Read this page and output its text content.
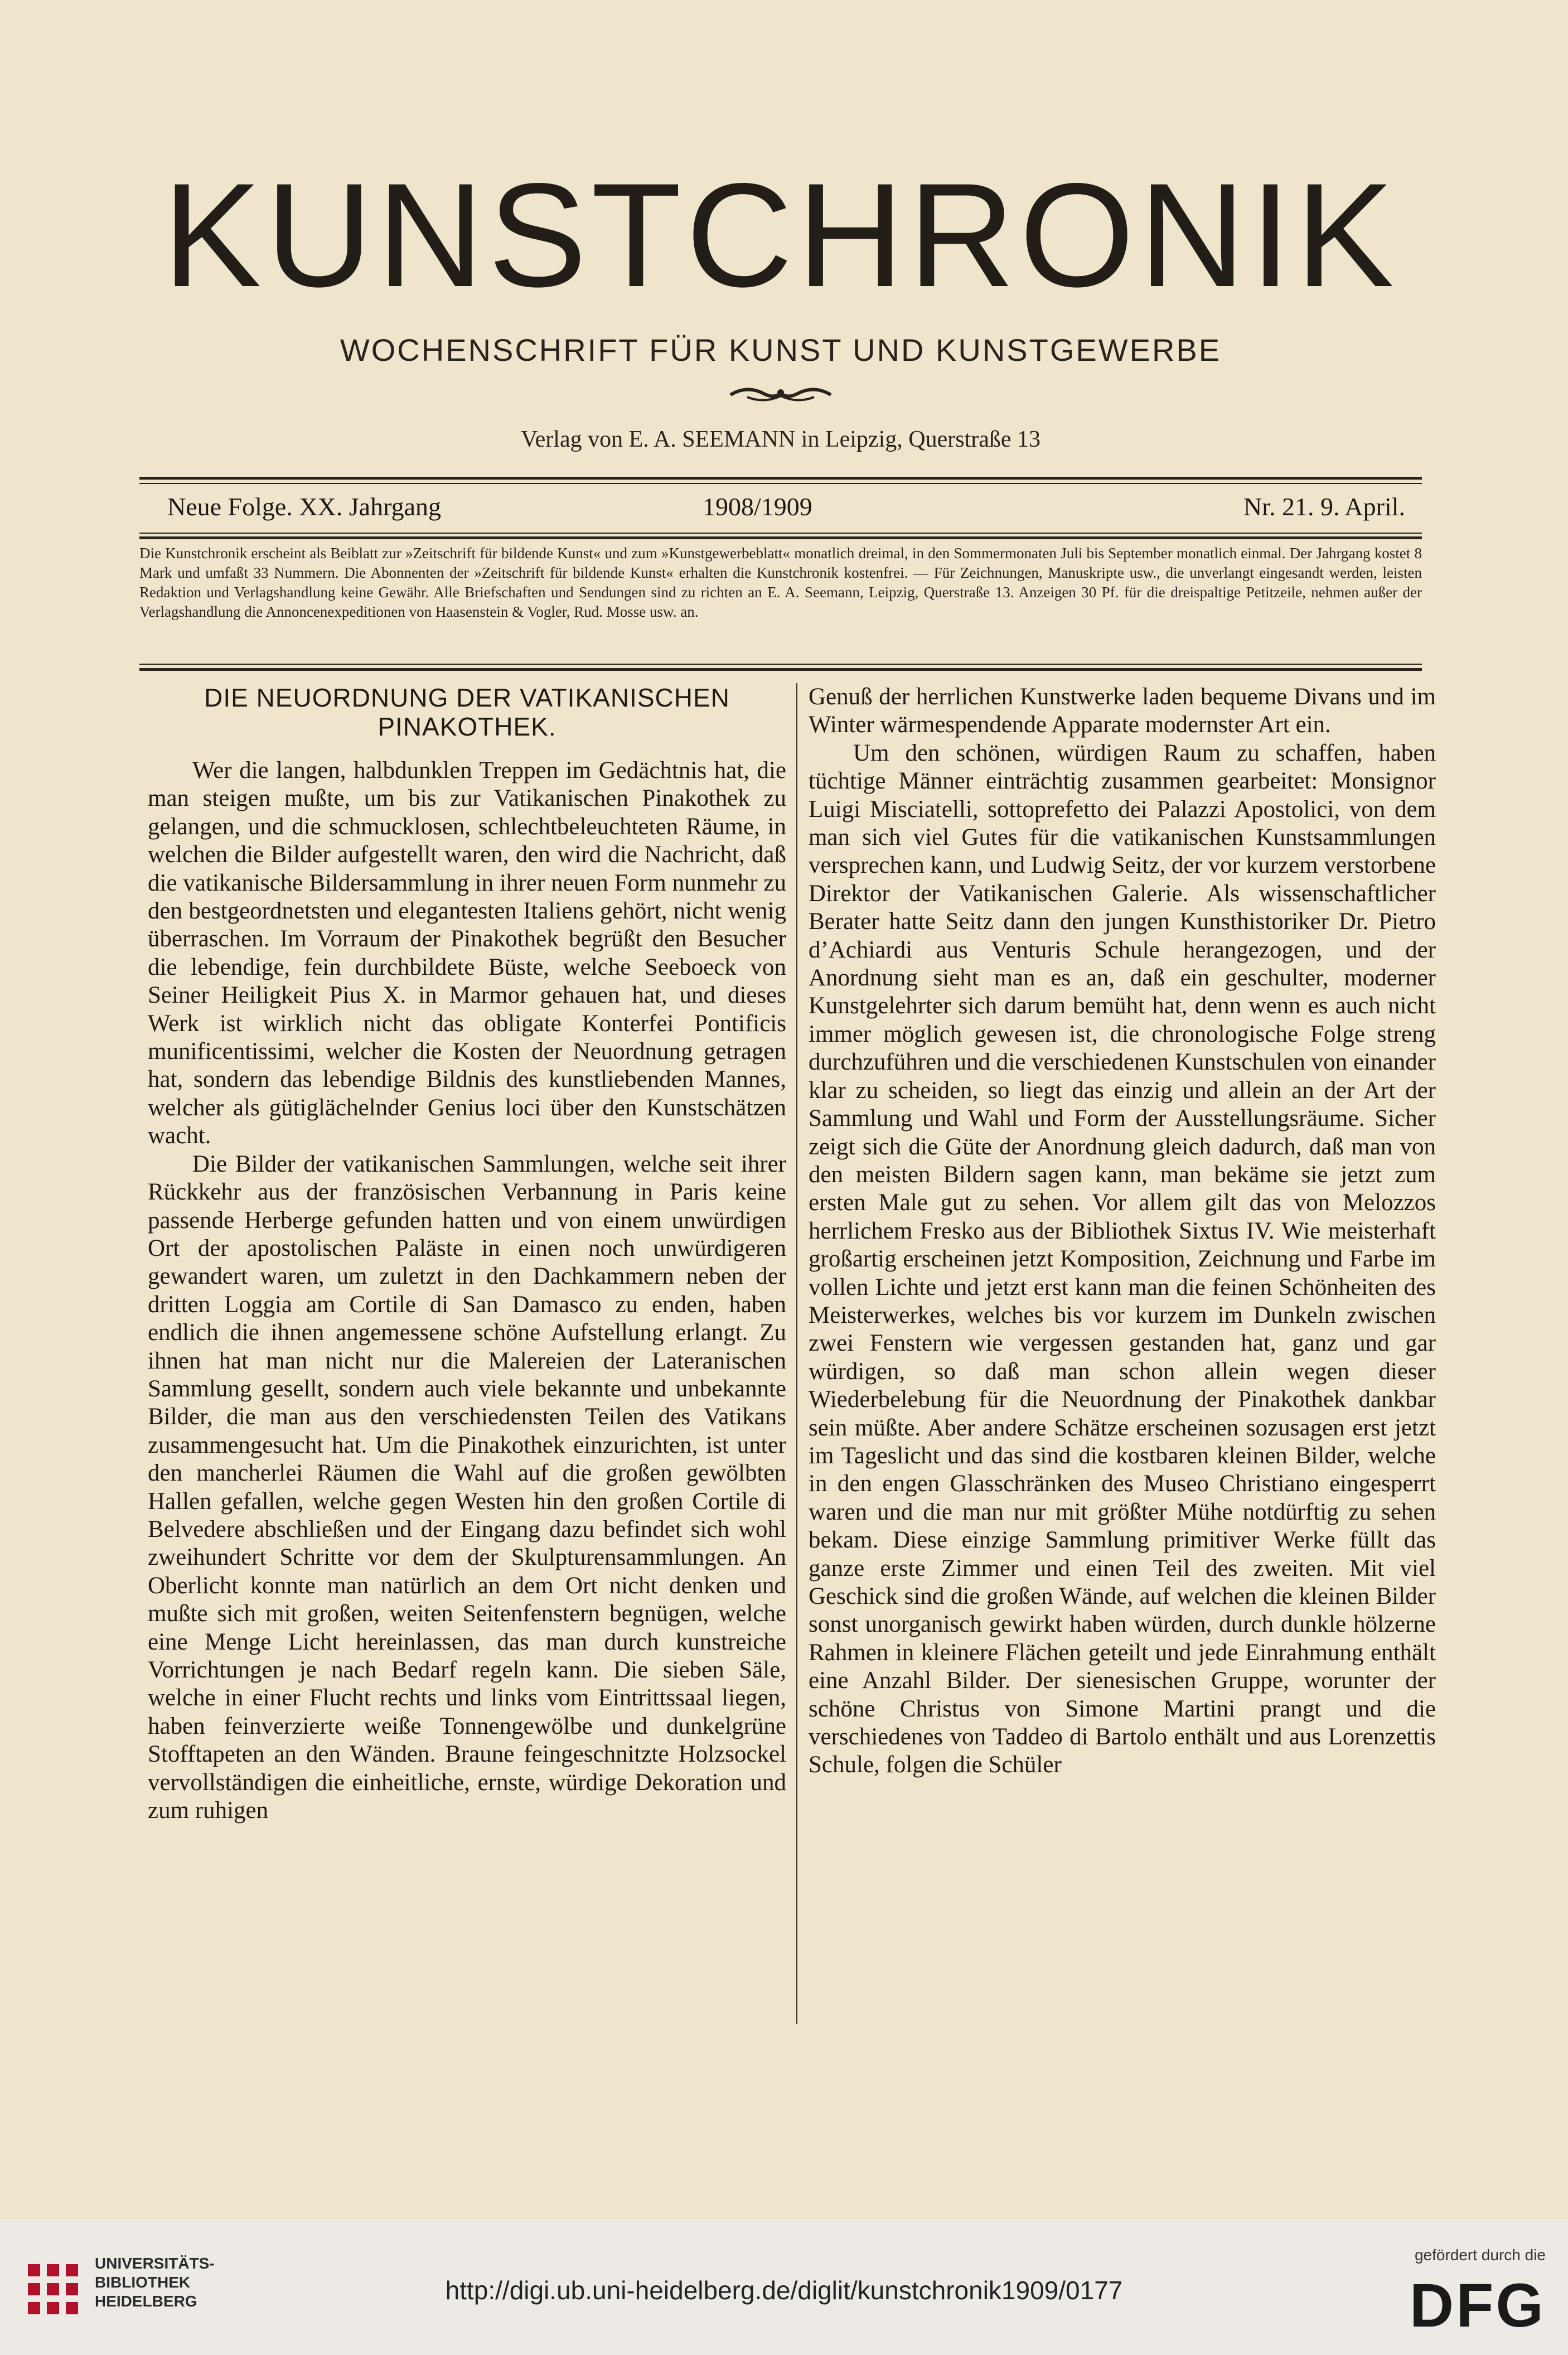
KUNSTCHRONIK
WOCHENSCHRIFT FÜR KUNST UND KUNSTGEWERBE
Verlag von E. A. SEEMANN in Leipzig, Querstraße 13
Neue Folge. XX. Jahrgang	1908/1909	Nr. 21. 9. April.
Die Kunstchronik erscheint als Beiblatt zur »Zeitschrift für bildende Kunst« und zum »Kunstgewerbeblatt« monatlich dreimal, in den Sommermonaten Juli bis September monatlich einmal. Der Jahrgang kostet 8 Mark und umfaßt 33 Nummern. Die Abonnenten der »Zeitschrift für bildende Kunst« erhalten die Kunstchronik kostenfrei. — Für Zeichnungen, Manuskripte usw., die unverlangt eingesandt werden, leisten Redaktion und Verlagshandlung keine Gewähr. Alle Briefschaften und Sendungen sind zu richten an E. A. Seemann, Leipzig, Querstraße 13. Anzeigen 30 Pf. für die dreispaltige Petitzeile, nehmen außer der Verlagshandlung die Annoncenexpeditionen von Haasenstein & Vogler, Rud. Mosse usw. an.
DIE NEUORDNUNG DER VATIKANISCHEN PINAKOTHEK.

Wer die langen, halbdunklen Treppen im Gedächtnis hat, die man steigen mußte, um bis zur Vatikanischen Pinakothek zu gelangen, und die schmucklosen, schlechtbeleuchteten Räume, in welchen die Bilder aufgestellt waren, den wird die Nachricht, daß die vatikanische Bildersammlung in ihrer neuen Form nunmehr zu den bestgeordnetsten und elegantesten Italiens gehört, nicht wenig überraschen. Im Vorraum der Pinakothek begrüßt den Besucher die lebendige, fein durchbildete Büste, welche Seeboeck von Seiner Heiligkeit Pius X. in Marmor gehauen hat, und dieses Werk ist wirklich nicht das obligate Konterfei Pontificis munificentissimi, welcher die Kosten der Neuordnung getragen hat, sondern das lebendige Bildnis des kunstliebenden Mannes, welcher als gütiglächelnder Genius loci über den Kunstschätzen wacht.

Die Bilder der vatikanischen Sammlungen, welche seit ihrer Rückkehr aus der französischen Verbannung in Paris keine passende Herberge gefunden hatten und von einem unwürdigen Ort der apostolischen Paläste in einen noch unwürdigeren gewandert waren, um zuletzt in den Dachkammern neben der dritten Loggia am Cortile di San Damasco zu enden, haben endlich die ihnen angemessene schöne Aufstellung erlangt. Zu ihnen hat man nicht nur die Malereien der Lateranischen Sammlung gesellt, sondern auch viele bekannte und unbekannte Bilder, die man aus den verschiedensten Teilen des Vatikans zusammengesucht hat. Um die Pinakothek einzurichten, ist unter den mancherlei Räumen die Wahl auf die großen gewölbten Hallen gefallen, welche gegen Westen hin den großen Cortile di Belvedere abschließen und der Eingang dazu befindet sich wohl zweihundert Schritte vor dem der Skulpturensammlungen. An Oberlicht konnte man natürlich an dem Ort nicht denken und mußte sich mit großen, weiten Seitenfenstern begnügen, welche eine Menge Licht hereinlassen, das man durch kunstreiche Vorrichtungen je nach Bedarf regeln kann. Die sieben Säle, welche in einer Flucht rechts und links vom Eintrittssaal liegen, haben feinverzierte weiße Tonnengewölbe und dunkelgrüne Stofftapeten an den Wänden. Braune feingeschnitzte Holzsockel vervollständigen die einheitliche, ernste, würdige Dekoration und zum ruhigen

Genuß der herrlichen Kunstwerke laden bequeme Divans und im Winter wärmespendende Apparate modernster Art ein.

Um den schönen, würdigen Raum zu schaffen, haben tüchtige Männer einträchtig zusammen gearbeitet: Monsignor Luigi Misciatelli, sottoprefetto dei Palazzi Apostolici, von dem man sich viel Gutes für die vatikanischen Kunstsammlungen versprechen kann, und Ludwig Seitz, der vor kurzem verstorbene Direktor der Vatikanischen Galerie. Als wissenschaftlicher Berater hatte Seitz dann den jungen Kunsthistoriker Dr. Pietro d’Achiardi aus Venturis Schule herangezogen, und der Anordnung sieht man es an, daß ein geschulter, moderner Kunstgelehrter sich darum bemüht hat, denn wenn es auch nicht immer möglich gewesen ist, die chronologische Folge streng durchzuführen und die verschiedenen Kunstschulen von einander klar zu scheiden, so liegt das einzig und allein an der Art der Sammlung und Wahl und Form der Ausstellungsräume. Sicher zeigt sich die Güte der Anordnung gleich dadurch, daß man von den meisten Bildern sagen kann, man bekäme sie jetzt zum ersten Male gut zu sehen. Vor allem gilt das von Melozzos herrlichem Fresko aus der Bibliothek Sixtus IV. Wie meisterhaft großartig erscheinen jetzt Komposition, Zeichnung und Farbe im vollen Lichte und jetzt erst kann man die feinen Schönheiten des Meisterwerkes, welches bis vor kurzem im Dunkeln zwischen zwei Fenstern wie vergessen gestanden hat, ganz und gar würdigen, so daß man schon allein wegen dieser Wiederbelebung für die Neuordnung der Pinakothek dankbar sein müßte. Aber andere Schätze erscheinen sozusagen erst jetzt im Tageslicht und das sind die kostbaren kleinen Bilder, welche in den engen Glasschränken des Museo Christiano eingesperrt waren und die man nur mit größter Mühe notdürftig zu sehen bekam. Diese einzige Sammlung primitiver Werke füllt das ganze erste Zimmer und einen Teil des zweiten. Mit viel Geschick sind die großen Wände, auf welchen die kleinen Bilder sonst unorganisch gewirkt haben würden, durch dunkle hölzerne Rahmen in kleinere Flächen geteilt und jede Einrahmung enthält eine Anzahl Bilder. Der sienesischen Gruppe, worunter der schöne Christus von Simone Martini prangt und die verschiedenes von Taddeo di Bartolo enthält und aus Lorenzettis Schule, folgen die Schüler

UNIVERSITÄTS-
BIBLIOTHEK
HEIDELBERG	http://digi.ub.uni-heidelberg.de/diglit/kunstchronik1909/0177
gefördert durch die
DFG
